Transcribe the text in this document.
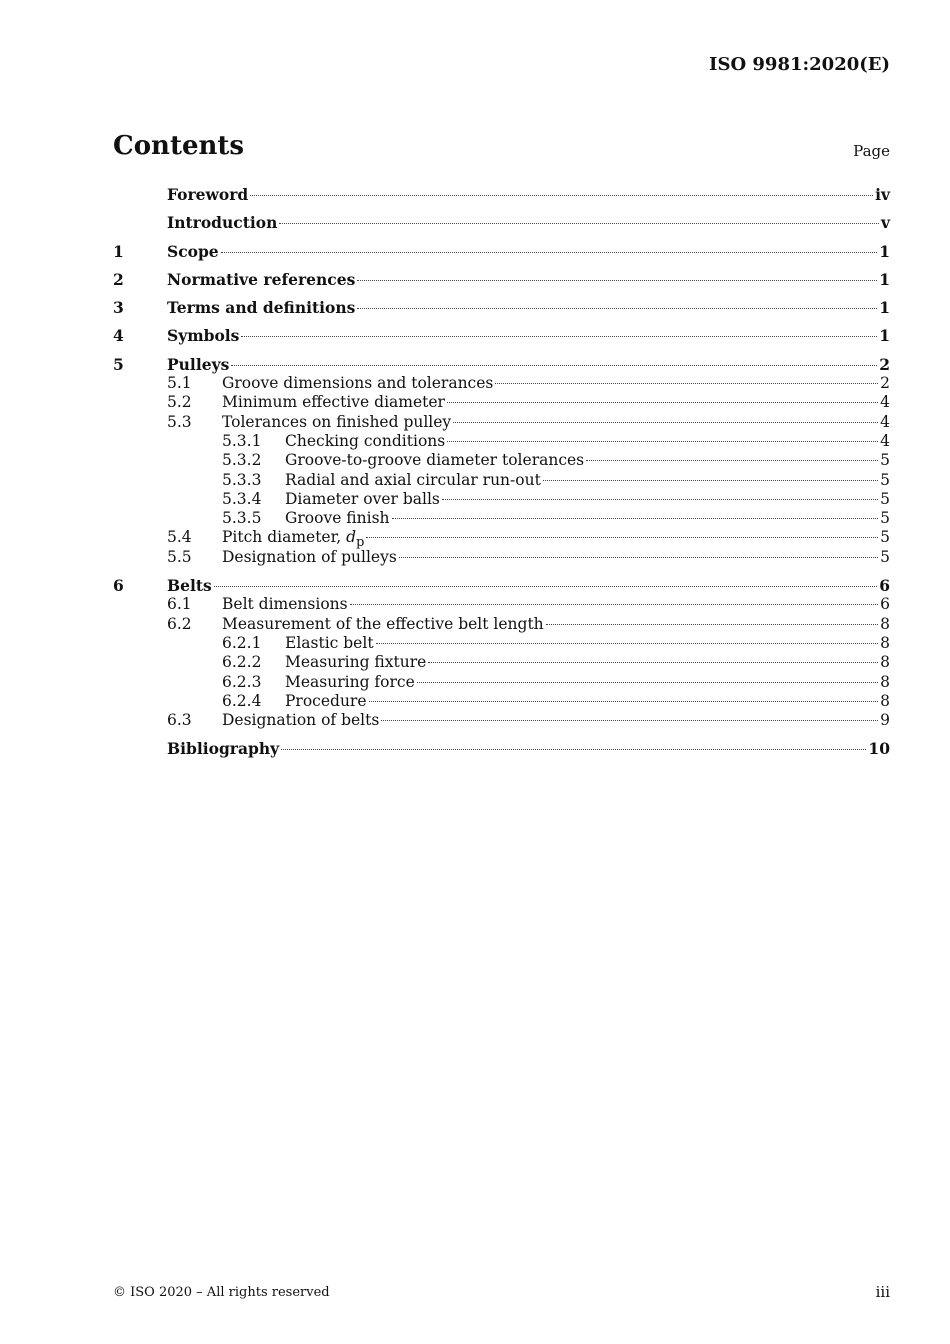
ISO 9981:2020(E)
Contents	Page
Foreword	iv
Introduction	v
1	Scope	1
2	Normative references	1
3	Terms and definitions	1
4	Symbols	1
5	Pulleys	2
5.1	Groove dimensions and tolerances	2
5.2	Minimum effective diameter	4
5.3	Tolerances on finished pulley	4
5.3.1	Checking conditions	4
5.3.2	Groove-to-groove diameter tolerances	5
5.3.3	Radial and axial circular run-out	5
5.3.4	Diameter over balls	5
5.3.5	Groove finish	5
5.4	Pitch diameter, $d_p$	5
5.5	Designation of pulleys	5
6	Belts	6
6.1	Belt dimensions	6
6.2	Measurement of the effective belt length	8
6.2.1	Elastic belt	8
6.2.2	Measuring fixture	8
6.2.3	Measuring force	8
6.2.4	Procedure	8
6.3	Designation of belts	9
Bibliography	10
© ISO 2020 – All rights reserved	iii
